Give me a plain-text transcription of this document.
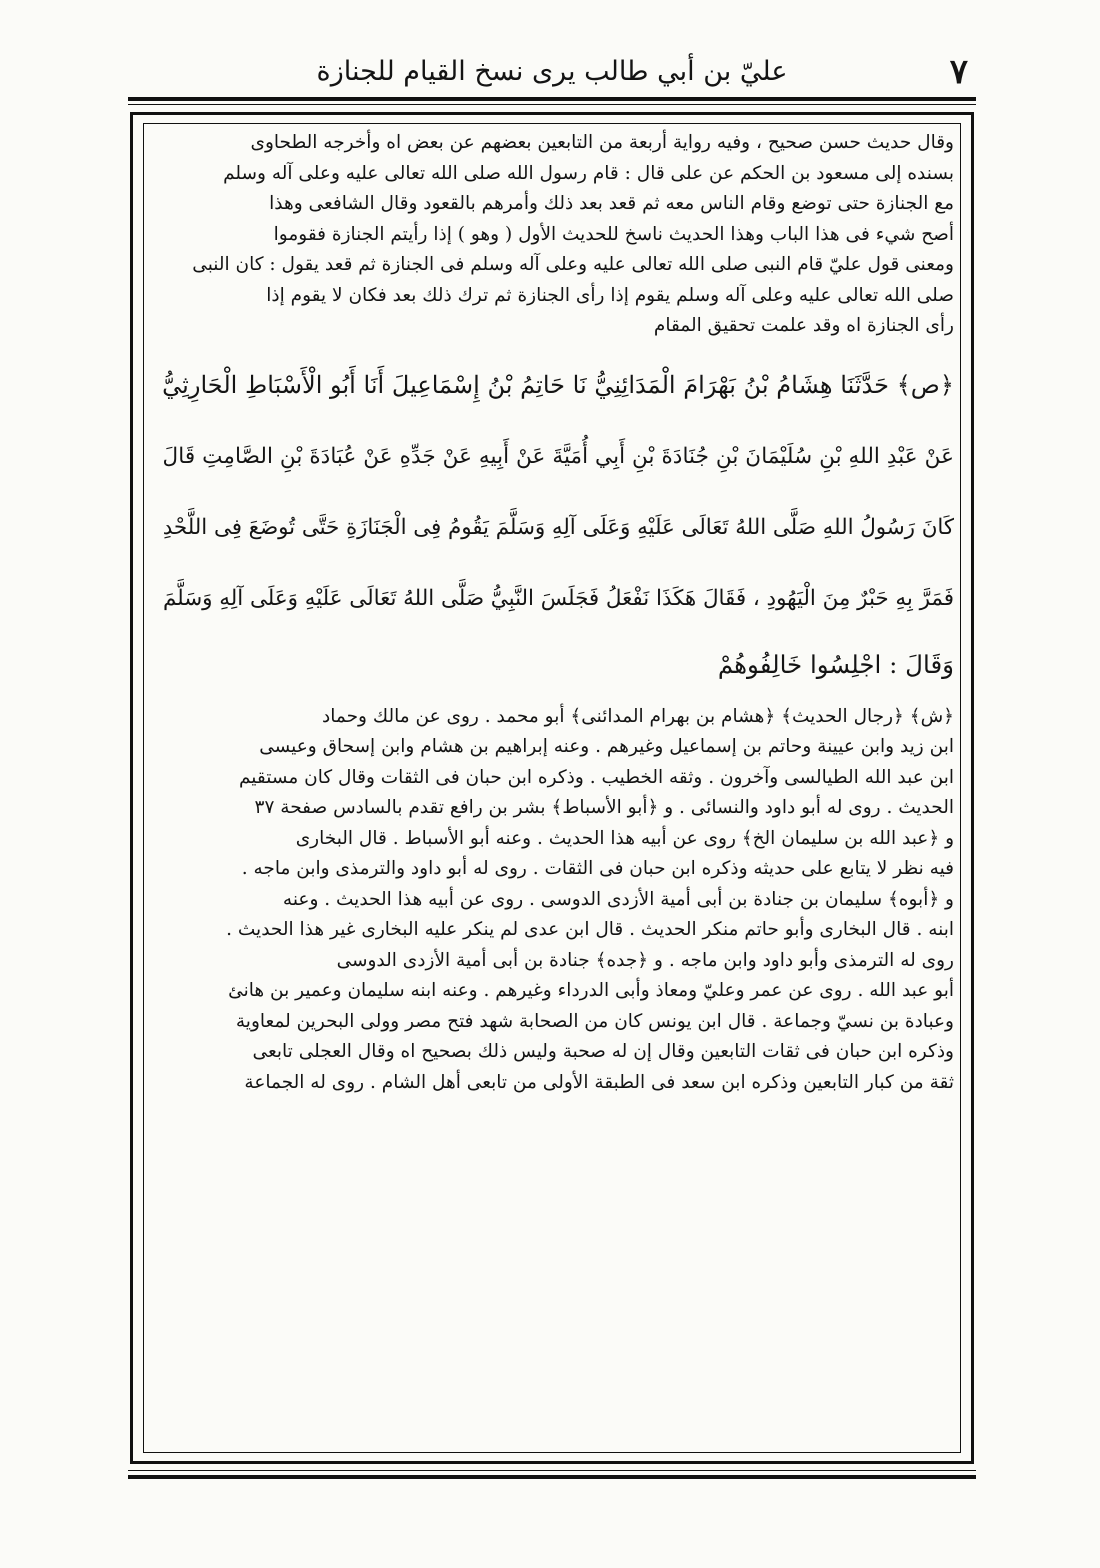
٧
عليّ بن أبي طالب يرى نسخ القيام للجنازة
وقال حديث حسن صحيح ، وفيه رواية أربعة من التابعين بعضهم عن بعض اه وأخرجه الطحاوى
بسنده إلى مسعود بن الحكم عن على قال : قام رسول الله صلى الله تعالى عليه وعلى آله وسلم
مع الجنازة حتى توضع وقام الناس معه ثم قعد بعد ذلك وأمرهم بالقعود وقال الشافعى وهذا
أصح شيء فى هذا الباب وهذا الحديث ناسخ للحديث الأول ( وهو ) إذا رأيتم الجنازة فقوموا
ومعنى قول عليّ قام النبى صلى الله تعالى عليه وعلى آله وسلم فى الجنازة ثم قعد يقول : كان النبى
صلى الله تعالى عليه وعلى آله وسلم يقوم إذا رأى الجنازة ثم ترك ذلك بعد فكان لا يقوم إذا
رأى الجنازة اه وقد علمت تحقيق المقام
﴿ص﴾ حَدَّثَنَا هِشَامُ بْنُ بَهْرَامَ الْمَدَائِنِيُّ نَا حَاتِمُ بْنُ إِسْمَاعِيلَ أَنَا أَبُو الْأَسْبَاطِ الْحَارِثِيُّ
عَنْ عَبْدِ اللهِ بْنِ سُلَيْمَانَ بْنِ جُنَادَةَ بْنِ أَبِي أُمَيَّةَ عَنْ أَبِيهِ عَنْ جَدِّهِ عَنْ عُبَادَةَ بْنِ الصَّامِتِ قَالَ
كَانَ رَسُولُ اللهِ صَلَّى اللهُ تَعَالَى عَلَيْهِ وَعَلَى آلِهِ وَسَلَّمَ يَقُومُ فِى الْجَنَازَةِ حَتَّى تُوضَعَ فِى اللَّحْدِ
فَمَرَّ بِهِ حَبْرٌ مِنَ الْيَهُودِ ، فَقَالَ هَكَذَا نَفْعَلُ فَجَلَسَ النَّبِيُّ صَلَّى اللهُ تَعَالَى عَلَيْهِ وَعَلَى آلِهِ وَسَلَّمَ
وَقَالَ : اجْلِسُوا خَالِفُوهُمْ
﴿ش﴾ ﴿رجال الحديث﴾ ﴿هشام بن بهرام المدائنى﴾ أبو محمد . روى عن مالك وحماد
ابن زيد وابن عيينة وحاتم بن إسماعيل وغيرهم . وعنه إبراهيم بن هشام وابن إسحاق وعيسى
ابن عبد الله الطيالسى وآخرون . وثقه الخطيب . وذكره ابن حبان فى الثقات وقال كان مستقيم
الحديث . روى له أبو داود والنسائى . و ﴿أبو الأسباط﴾ بشر بن رافع تقدم بالسادس صفحة ٣٧
و ﴿عبد الله بن سليمان الخ﴾ روى عن أبيه هذا الحديث . وعنه أبو الأسباط . قال البخارى
فيه نظر لا يتابع على حديثه وذكره ابن حبان فى الثقات . روى له أبو داود والترمذى وابن ماجه .
و ﴿أبوه﴾ سليمان بن جنادة بن أبى أمية الأزدى الدوسى . روى عن أبيه هذا الحديث . وعنه
ابنه . قال البخارى وأبو حاتم منكر الحديث . قال ابن عدى لم ينكر عليه البخارى غير هذا الحديث .
روى له الترمذى وأبو داود وابن ماجه . و ﴿جده﴾ جنادة بن أبى أمية الأزدى الدوسى
أبو عبد الله . روى عن عمر وعليّ ومعاذ وأبى الدرداء وغيرهم . وعنه ابنه سليمان وعمير بن هانئ
وعبادة بن نسيّ وجماعة . قال ابن يونس كان من الصحابة شهد فتح مصر وولى البحرين لمعاوية
وذكره ابن حبان فى ثقات التابعين وقال إن له صحبة وليس ذلك بصحيح اه وقال العجلى تابعى
ثقة من كبار التابعين وذكره ابن سعد فى الطبقة الأولى من تابعى أهل الشام . روى له الجماعة
